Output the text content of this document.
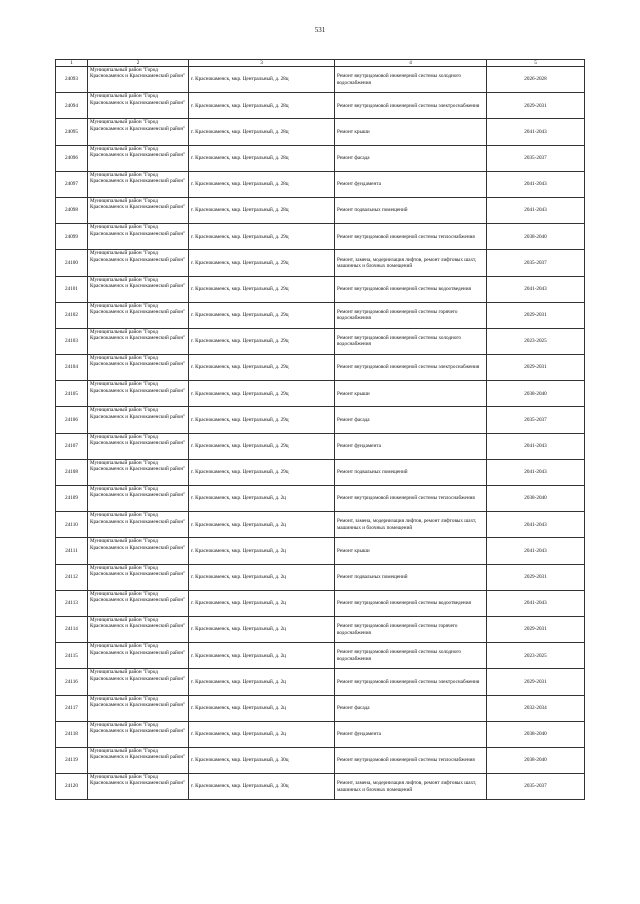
531
1	2	3	4	5
24093	Муниципальный район "Город Краснокаменск и Краснокаменский район"	г. Краснокаменск, мкр. Центральный, д. 28ц	Ремонт внутридомовой инженерной системы холодного водоснабжения	2026-2028
24094	Муниципальный район "Город Краснокаменск и Краснокаменский район"	г. Краснокаменск, мкр. Центральный, д. 28ц	Ремонт внутридомовой инженерной системы электроснабжения	2029-2031
24095	Муниципальный район "Город Краснокаменск и Краснокаменский район"	г. Краснокаменск, мкр. Центральный, д. 28ц	Ремонт крыши	2041-2043
24096	Муниципальный район "Город Краснокаменск и Краснокаменский район"	г. Краснокаменск, мкр. Центральный, д. 28ц	Ремонт фасада	2035-2037
24097	Муниципальный район "Город Краснокаменск и Краснокаменский район"	г. Краснокаменск, мкр. Центральный, д. 28ц	Ремонт фундамента	2041-2043
24098	Муниципальный район "Город Краснокаменск и Краснокаменский район"	г. Краснокаменск, мкр. Центральный, д. 28ц	Ремонт подвальных помещений	2041-2043
24099	Муниципальный район "Город Краснокаменск и Краснокаменский район"	г. Краснокаменск, мкр. Центральный, д. 29ц	Ремонт внутридомовой инженерной системы теплоснабжения	2038-2040
24100	Муниципальный район "Город Краснокаменск и Краснокаменский район"	г. Краснокаменск, мкр. Центральный, д. 29ц	Ремонт, замена, модернизация лифтов, ремонт лифтовых шахт, машинных и блочных помещений	2035-2037
24101	Муниципальный район "Город Краснокаменск и Краснокаменский район"	г. Краснокаменск, мкр. Центральный, д. 29ц	Ремонт внутридомовой инженерной системы водоотведения	2041-2043
24102	Муниципальный район "Город Краснокаменск и Краснокаменский район"	г. Краснокаменск, мкр. Центральный, д. 29ц	Ремонт внутридомовой инженерной системы горячего водоснабжения	2029-2031
24103	Муниципальный район "Город Краснокаменск и Краснокаменский район"	г. Краснокаменск, мкр. Центральный, д. 29ц	Ремонт внутридомовой инженерной системы холодного водоснабжения	2023-2025
24104	Муниципальный район "Город Краснокаменск и Краснокаменский район"	г. Краснокаменск, мкр. Центральный, д. 29ц	Ремонт внутридомовой инженерной системы электроснабжения	2029-2031
24105	Муниципальный район "Город Краснокаменск и Краснокаменский район"	г. Краснокаменск, мкр. Центральный, д. 29ц	Ремонт крыши	2038-2040
24106	Муниципальный район "Город Краснокаменск и Краснокаменский район"	г. Краснокаменск, мкр. Центральный, д. 29ц	Ремонт фасада	2035-2037
24107	Муниципальный район "Город Краснокаменск и Краснокаменский район"	г. Краснокаменск, мкр. Центральный, д. 29ц	Ремонт фундамента	2041-2043
24108	Муниципальный район "Город Краснокаменск и Краснокаменский район"	г. Краснокаменск, мкр. Центральный, д. 29ц	Ремонт подвальных помещений	2041-2043
24109	Муниципальный район "Город Краснокаменск и Краснокаменский район"	г. Краснокаменск, мкр. Центральный, д. 2ц	Ремонт внутридомовой инженерной системы теплоснабжения	2038-2040
24110	Муниципальный район "Город Краснокаменск и Краснокаменский район"	г. Краснокаменск, мкр. Центральный, д. 2ц	Ремонт, замена, модернизация лифтов, ремонт лифтовых шахт, машинных и блочных помещений	2041-2043
24111	Муниципальный район "Город Краснокаменск и Краснокаменский район"	г. Краснокаменск, мкр. Центральный, д. 2ц	Ремонт крыши	2041-2043
24112	Муниципальный район "Город Краснокаменск и Краснокаменский район"	г. Краснокаменск, мкр. Центральный, д. 2ц	Ремонт подвальных помещений	2029-2031
24113	Муниципальный район "Город Краснокаменск и Краснокаменский район"	г. Краснокаменск, мкр. Центральный, д. 2ц	Ремонт внутридомовой инженерной системы водоотведения	2041-2043
24114	Муниципальный район "Город Краснокаменск и Краснокаменский район"	г. Краснокаменск, мкр. Центральный, д. 2ц	Ремонт внутридомовой инженерной системы горячего водоснабжения	2029-2031
24115	Муниципальный район "Город Краснокаменск и Краснокаменский район"	г. Краснокаменск, мкр. Центральный, д. 2ц	Ремонт внутридомовой инженерной системы холодного водоснабжения	2023-2025
24116	Муниципальный район "Город Краснокаменск и Краснокаменский район"	г. Краснокаменск, мкр. Центральный, д. 2ц	Ремонт внутридомовой инженерной системы электроснабжения	2029-2031
24117	Муниципальный район "Город Краснокаменск и Краснокаменский район"	г. Краснокаменск, мкр. Центральный, д. 2ц	Ремонт фасада	2032-2034
24118	Муниципальный район "Город Краснокаменск и Краснокаменский район"	г. Краснокаменск, мкр. Центральный, д. 2ц	Ремонт фундамента	2038-2040
24119	Муниципальный район "Город Краснокаменск и Краснокаменский район"	г. Краснокаменск, мкр. Центральный, д. 30ц	Ремонт внутридомовой инженерной системы теплоснабжения	2038-2040
24120	Муниципальный район "Город Краснокаменск и Краснокаменский район"	г. Краснокаменск, мкр. Центральный, д. 30ц	Ремонт, замена, модернизация лифтов, ремонт лифтовых шахт, машинных и блочных помещений	2035-2037
